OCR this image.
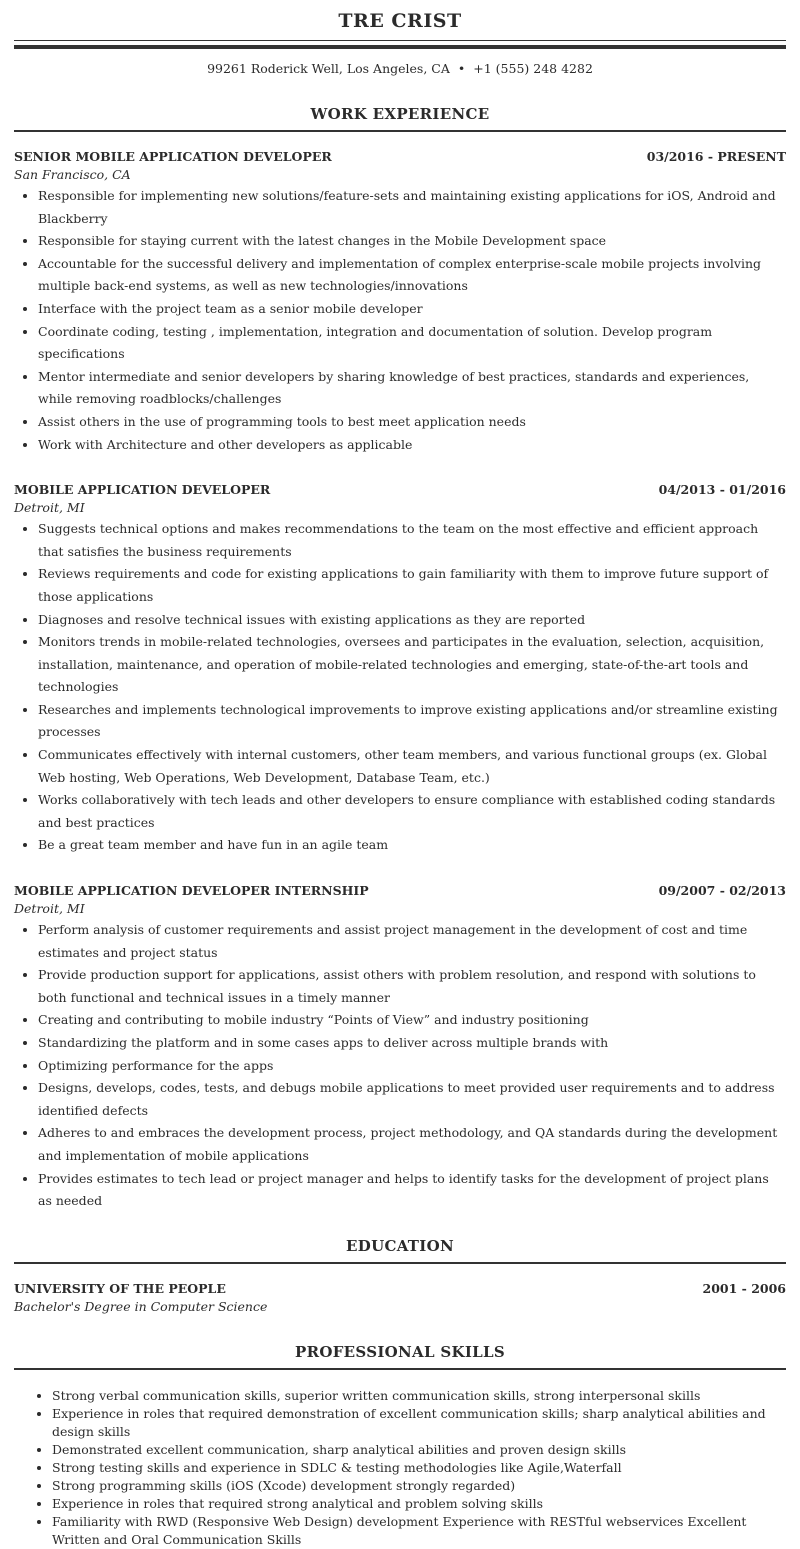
TRE CRIST
99261 Roderick Well, Los Angeles, CA • +1 (555) 248 4282
WORK EXPERIENCE
SENIOR MOBILE APPLICATION DEVELOPER	03/2016 - PRESENT
San Francisco, CA
• Responsible for implementing new solutions/feature-sets and maintaining existing applications for iOS, Android and Blackberry
• Responsible for staying current with the latest changes in the Mobile Development space
• Accountable for the successful delivery and implementation of complex enterprise-scale mobile projects involving multiple back-end systems, as well as new technologies/innovations
• Interface with the project team as a senior mobile developer
• Coordinate coding, testing , implementation, integration and documentation of solution. Develop program specifications
• Mentor intermediate and senior developers by sharing knowledge of best practices, standards and experiences, while removing roadblocks/challenges
• Assist others in the use of programming tools to best meet application needs
• Work with Architecture and other developers as applicable
MOBILE APPLICATION DEVELOPER	04/2013 - 01/2016
Detroit, MI
• Suggests technical options and makes recommendations to the team on the most effective and efficient approach that satisfies the business requirements
• Reviews requirements and code for existing applications to gain familiarity with them to improve future support of those applications
• Diagnoses and resolve technical issues with existing applications as they are reported
• Monitors trends in mobile-related technologies, oversees and participates in the evaluation, selection, acquisition, installation, maintenance, and operation of mobile-related technologies and emerging, state-of-the-art tools and technologies
• Researches and implements technological improvements to improve existing applications and/or streamline existing processes
• Communicates effectively with internal customers, other team members, and various functional groups (ex. Global Web hosting, Web Operations, Web Development, Database Team, etc.)
• Works collaboratively with tech leads and other developers to ensure compliance with established coding standards and best practices
• Be a great team member and have fun in an agile team
MOBILE APPLICATION DEVELOPER INTERNSHIP	09/2007 - 02/2013
Detroit, MI
• Perform analysis of customer requirements and assist project management in the development of cost and time estimates and project status
• Provide production support for applications, assist others with problem resolution, and respond with solutions to both functional and technical issues in a timely manner
• Creating and contributing to mobile industry “Points of View” and industry positioning
• Standardizing the platform and in some cases apps to deliver across multiple brands with
• Optimizing performance for the apps
• Designs, develops, codes, tests, and debugs mobile applications to meet provided user requirements and to address identified defects
• Adheres to and embraces the development process, project methodology, and QA standards during the development and implementation of mobile applications
• Provides estimates to tech lead or project manager and helps to identify tasks for the development of project plans as needed
EDUCATION
UNIVERSITY OF THE PEOPLE	2001 - 2006
Bachelor's Degree in Computer Science
PROFESSIONAL SKILLS
• Strong verbal communication skills, superior written communication skills, strong interpersonal skills
• Experience in roles that required demonstration of excellent communication skills; sharp analytical abilities and design skills
• Demonstrated excellent communication, sharp analytical abilities and proven design skills
• Strong testing skills and experience in SDLC & testing methodologies like Agile,Waterfall
• Strong programming skills (iOS (Xcode) development strongly regarded)
• Experience in roles that required strong analytical and problem solving skills
• Familiarity with RWD (Responsive Web Design) development Experience with RESTful webservices Excellent Written and Oral Communication Skills
